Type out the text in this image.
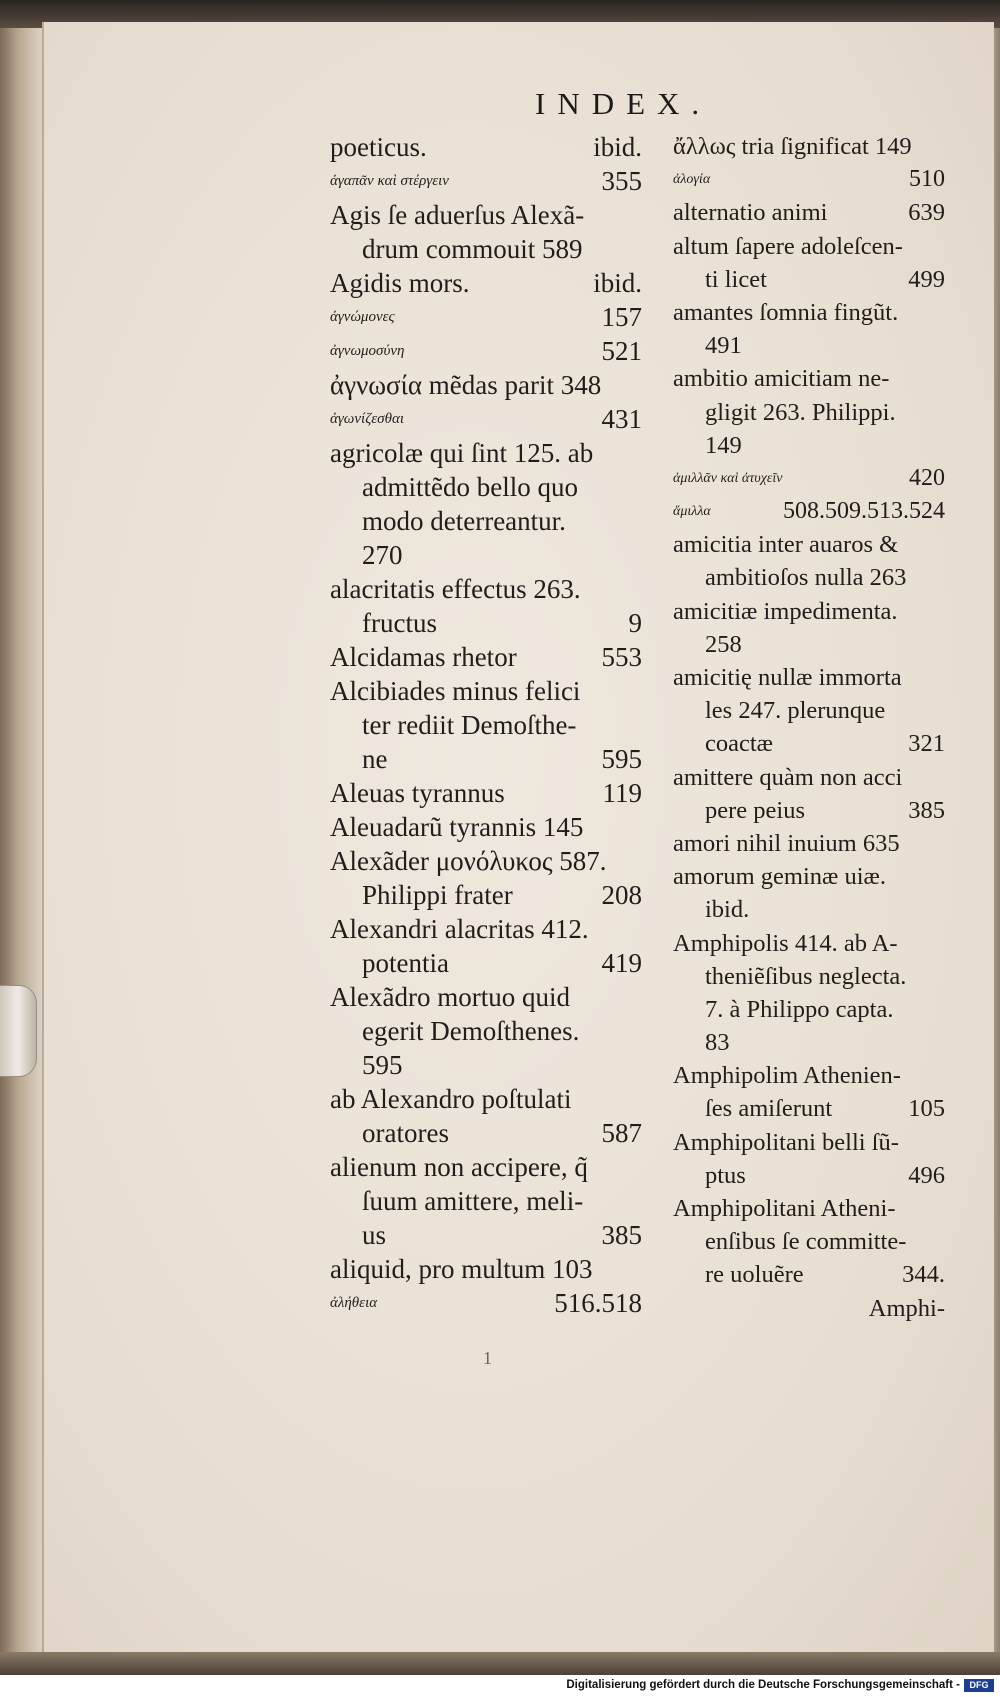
INDEX.
poeticus.	ibid.
ἀγαπᾶν καὶ στέργειν	355
Agis ſe aduerſus Alexã-
drum commouit 589
Agidis mors.	ibid.
ἀγνώμονες	157
ἀγνωμοσύνη	521
ἀγνωσία mẽdas parit 348
ἀγωνίζεσθαι	431
agricolæ qui ſint 125. ab
admittẽdo bello quo
modo deterreantur.
270
alacritatis effectus 263.
fructus	9
Alcidamas rhetor	553
Alcibiades minus felici
ter rediit Demoſthe-
ne	595
Aleuas tyrannus	119
Aleuadarũ tyrannis 145
Alexãder μονόλυκος 587.
Philippi frater	208
Alexandri alacritas 412.
potentia	419
Alexãdro mortuo quid
egerit Demoſthenes.
595
ab Alexandro poſtulati
oratores	587
alienum non accipere, q̃
ſuum amittere, meli-
us	385
aliquid, pro multum 103
ἀλήθεια	516.518
ἄλλως tria ſignificat 149
ἀλογία	510
alternatio animi	639
altum ſapere adoleſcen-
ti licet	499
amantes ſomnia fingũt.
491
ambitio amicitiam ne-
gligit 263. Philippi.
149
ἁμιλλᾶν καὶ ἀτυχεῖν	420
ἅμιλλα	508.509.513.524
amicitia inter auaros &
ambitioſos nulla 263
amicitiæ impedimenta.
258
amicitię nullæ immorta
les 247. plerunque
coactæ	321
amittere quàm non acci
pere peius	385
amori nihil inuium 635
amorum geminæ uiæ.
ibid.
Amphipolis 414. ab A-
theniẽſibus neglecta.
7. à Philippo capta.
83
Amphipolim Athenien-
ſes amiſerunt	105
Amphipolitani belli ſũ-
ptus	496
Amphipolitani Atheni-
enſibus ſe committe-
re uoluẽre	344.
Amphi-
1
Digitalisierung gefördert durch die Deutsche Forschungsgemeinschaft -	DFG
